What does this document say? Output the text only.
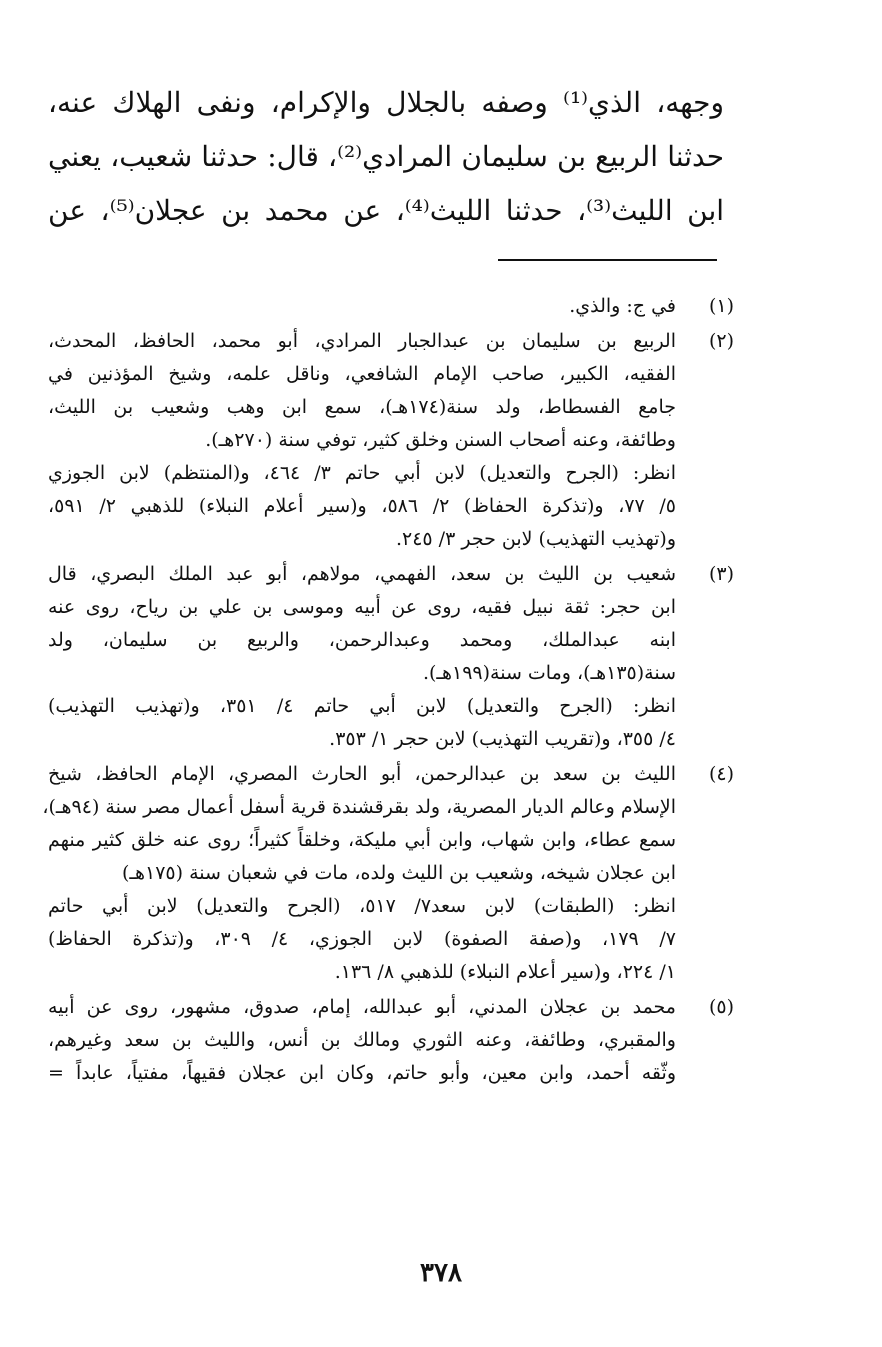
وجهه، الذي⁽¹⁾ وصفه بالجلال والإكرام، ونفى الهلاك عنه،
حدثنا الربيع بن سليمان المرادي⁽²⁾، قال: حدثنا شعيب، يعني
ابن الليث⁽³⁾، حدثنا الليث⁽⁴⁾، عن محمد بن عجلان⁽⁵⁾، عن
(١)
في ج: والذي.
(٢)
الربيع بن سليمان بن عبدالجبار المرادي، أبو محمد، الحافظ، المحدث،
الفقيه، الكبير، صاحب الإمام الشافعي، وناقل علمه، وشيخ المؤذنين في
جامع الفسطاط، ولد سنة(١٧٤هـ)، سمع ابن وهب وشعيب بن الليث،
وطائفة، وعنه أصحاب السنن وخلق كثير، توفي سنة (٢٧٠هـ).
انظر: (الجرح والتعديل) لابن أبي حاتم ٣/ ٤٦٤، و(المنتظم) لابن الجوزي
٥/ ٧٧، و(تذكرة الحفاظ) ٢/ ٥٨٦، و(سير أعلام النبلاء) للذهبي ٢/ ٥٩١،
و(تهذيب التهذيب) لابن حجر ٣/ ٢٤٥.
(٣)
شعيب بن الليث بن سعد، الفهمي، مولاهم، أبو عبد الملك البصري، قال
ابن حجر: ثقة نبيل فقيه، روى عن أبيه وموسى بن علي بن رياح، روى عنه
ابنه عبدالملك، ومحمد وعبدالرحمن، والربيع بن سليمان، ولد
سنة(١٣٥هـ)، ومات سنة(١٩٩هـ).
انظر: (الجرح والتعديل) لابن أبي حاتم ٤/ ٣٥١، و(تهذيب التهذيب)
٤/ ٣٥٥، و(تقريب التهذيب) لابن حجر ١/ ٣٥٣.
(٤)
الليث بن سعد بن عبدالرحمن، أبو الحارث المصري، الإمام الحافظ، شيخ
الإسلام وعالم الديار المصرية، ولد بقرقشندة قرية أسفل أعمال مصر سنة (٩٤هـ)،
سمع عطاء، وابن شهاب، وابن أبي مليكة، وخلقاً كثيراً؛ روى عنه خلق كثير منهم
ابن عجلان شيخه، وشعيب بن الليث ولده، مات في شعبان سنة (١٧٥هـ)
انظر: (الطبقات) لابن سعد٧/ ٥١٧، (الجرح والتعديل) لابن أبي حاتم
٧/ ١٧٩، و(صفة الصفوة) لابن الجوزي، ٤/ ٣٠٩، و(تذكرة الحفاظ)
١/ ٢٢٤، و(سير أعلام النبلاء) للذهبي ٨/ ١٣٦.
(٥)
محمد بن عجلان المدني، أبو عبدالله، إمام، صدوق، مشهور، روى عن أبيه
والمقبري، وطائفة، وعنه الثوري ومالك بن أنس، والليث بن سعد وغيرهم،
وثّقه أحمد، وابن معين، وأبو حاتم، وكان ابن عجلان فقيهاً، مفتياً، عابداً =
٣٧٨
